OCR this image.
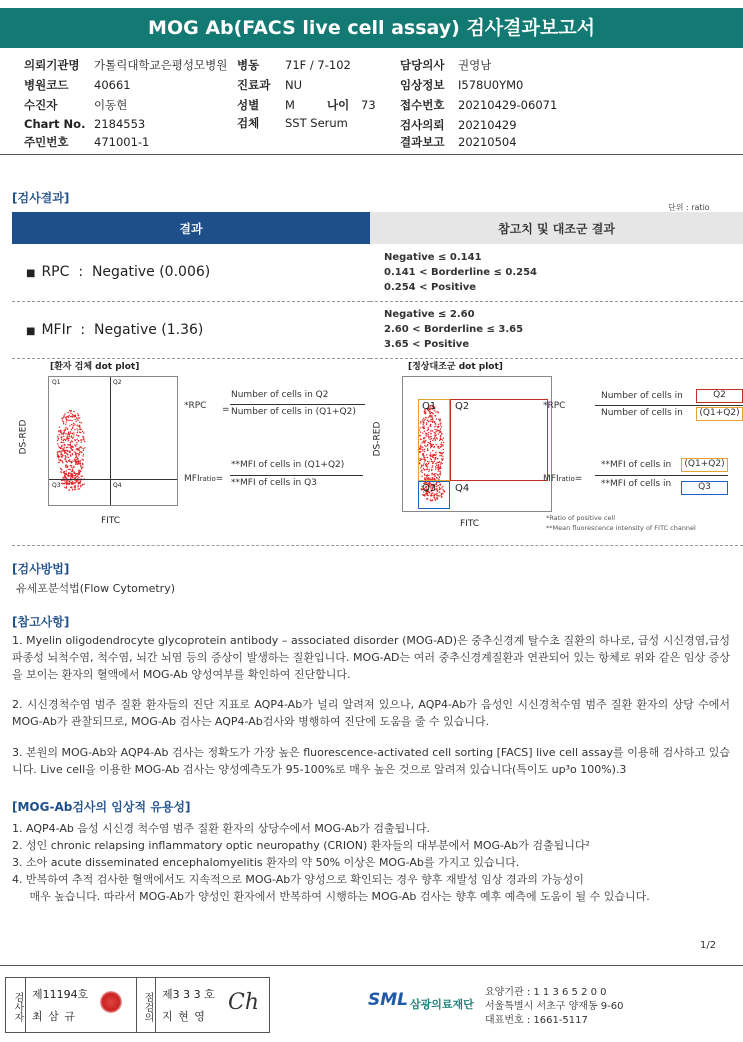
MOG Ab(FACS live cell assay) 검사결과보고서
의뢰기관명 가톨릭대학교은평성모병원 병동 71F / 7-102	담당의사 권영남
병원코드 40661	진료과 NU	임상정보 I578U0YM0
수진자	이동현	성별 M	나이 73 접수번호 20210429-06071
Chart No. 2184553	검체 SST Serum	검사의뢰 20210429
주민번호 471001-1	결과보고 20210504
[검사결과]
단위 : ratio
결과	참고치 및 대조군 결과
■ RPC : Negative (0.006)	Negative ≤ 0.141
0.141 < Borderline ≤ 0.254
0.254 < Positive

■ MFIr : Negative (1.36)	Negative ≤ 2.60
2.60 < Borderline ≤ 3.65
3.65 < Positive
[환자 검체 dot plot]	[정상대조군 dot plot]
Q1	Q2
Q3	Q4
DS-RED
FITC
*RPC =
Number of cells in Q2
Number of cells in (Q1+Q2)
MFIratio=
**MFI of cells in (Q1+Q2)
**MFI of cells in Q3
Q1 Q2
Q3 Q4
DS-RED
FITC
*RPC
Number of cells in	Q2
Number of cells in	(Q1+Q2)
MFIratio=
**MFI of cells in	(Q1+Q2)
**MFI of cells in	Q3
*Ratio of positive cell
**Mean fluorescence intensity of FITC channel
[검사방법]
유세포분석법(Flow Cytometry)
[참고사항]
1. Myelin oligodendrocyte glycoprotein antibody – associated disorder (MOG-AD)은 중추신경계 탈수초 질환의 하나로, 급성 시신경염,급성파종성 뇌척수염, 척수염, 뇌간 뇌염 등의 증상이 발생하는 질환입니다. MOG-AD는 여러 중추신경계질환과 연관되어 있는 항체로 위와 같은 임상 증상을 보이는 환자의 혈액에서 MOG-Ab 양성여부를 확인하여 진단합니다.
2. 시신경척수염 범주 질환 환자들의 진단 지표로 AQP4-Ab가 널리 알려져 있으나, AQP4-Ab가 음성인 시신경척수염 범주 질환 환자의 상당 수에서 MOG-Ab가 관찰되므로, MOG-Ab 검사는 AQP4-Ab검사와 병행하여 진단에 도움을 줄 수 있습니다.
3. 본원의 MOG-Ab와 AQP4-Ab 검사는 정확도가 가장 높은 fluorescence-activated cell sorting [FACS] live cell assay를 이용해 검사하고 있습니다. Live cell을 이용한 MOG-Ab 검사는 양성예측도가 95-100%로 매우 높은 것으로 알려져 있습니다(특이도 up³ο 100%).3
[MOG-Ab검사의 임상적 유용성]
1. AQP4-Ab 음성 시신경 척수염 범주 질환 환자의 상당수에서 MOG-Ab가 검출됩니다.
2. 성인 chronic relapsing inflammatory optic neuropathy (CRION) 환자들의 대부분에서 MOG-Ab가 검출됩니다²
3. 소아 acute disseminated encephalomyelitis 환자의 약 50% 이상은 MOG-Ab를 가지고 있습니다.
4. 반복하여 추적 검사한 혈액에서도 지속적으로 MOG-Ab가 양성으로 확인되는 경우 향후 재발성 임상 경과의 가능성이
매우 높습니다. 따라서 MOG-Ab가 양성인 환자에서 반복하여 시행하는 MOG-Ab 검사는 향후 예후 예측에 도움이 될 수 있습니다.
1/2
검사자 제11194호
최 삼 규	점검의 제3 3 3 호
지 현 영
Ch	SML 삼광의료재단
요양기관 : 1 1 3 6 5 2 0 0
서울특별시 서초구 양재동 9-60
대표번호 : 1661-5117
